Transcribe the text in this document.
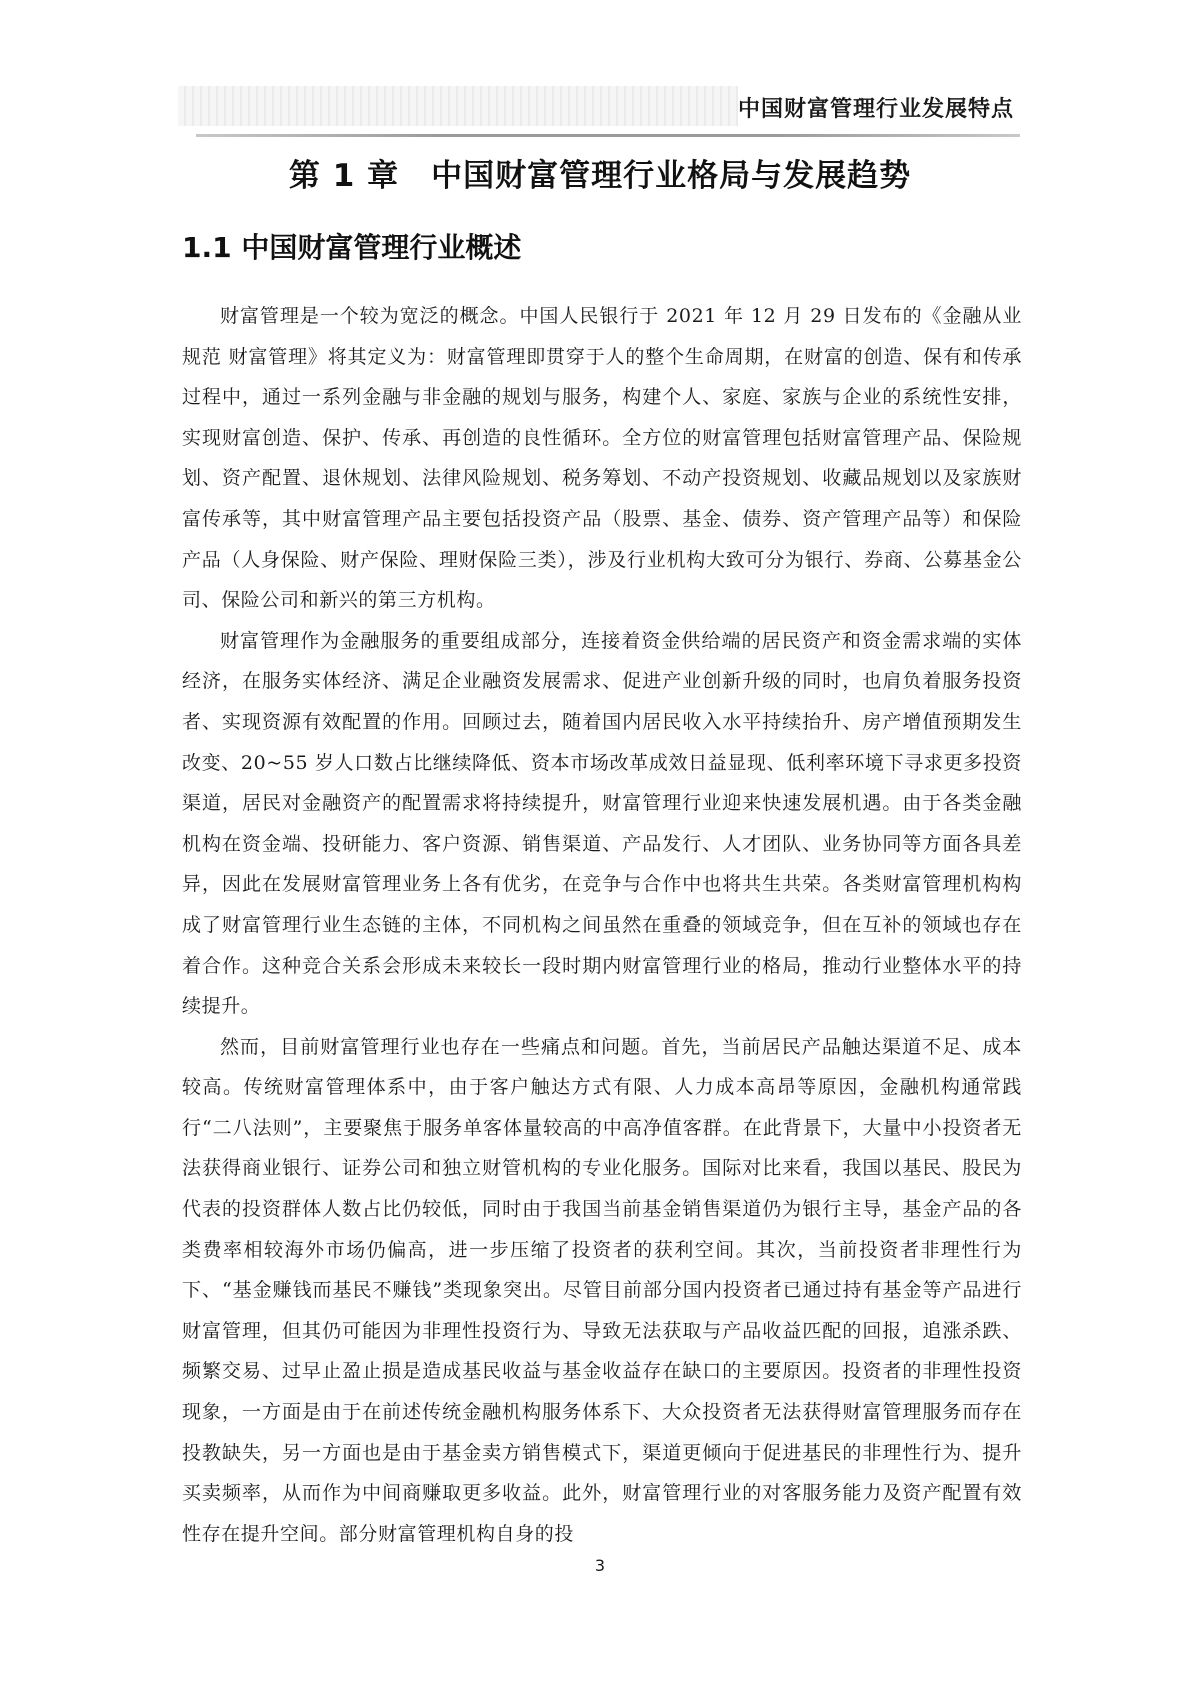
中国财富管理行业发展特点
第 1 章　中国财富管理行业格局与发展趋势
1.1 中国财富管理行业概述

财富管理是一个较为宽泛的概念。中国人民银行于 2021 年 12 月 29 日发布的《金融从业规范 财富管理》将其定义为：财富管理即贯穿于人的整个生命周期，在财富的创造、保有和传承过程中，通过一系列金融与非金融的规划与服务，构建个人、家庭、家族与企业的系统性安排，实现财富创造、保护、传承、再创造的良性循环。全方位的财富管理包括财富管理产品、保险规划、资产配置、退休规划、法律风险规划、税务筹划、不动产投资规划、收藏品规划以及家族财富传承等，其中财富管理产品主要包括投资产品（股票、基金、债券、资产管理产品等）和保险产品（人身保险、财产保险、理财保险三类），涉及行业机构大致可分为银行、券商、公募基金公司、保险公司和新兴的第三方机构。

财富管理作为金融服务的重要组成部分，连接着资金供给端的居民资产和资金需求端的实体经济，在服务实体经济、满足企业融资发展需求、促进产业创新升级的同时，也肩负着服务投资者、实现资源有效配置的作用。回顾过去，随着国内居民收入水平持续抬升、房产增值预期发生改变、20~55 岁人口数占比继续降低、资本市场改革成效日益显现、低利率环境下寻求更多投资渠道，居民对金融资产的配置需求将持续提升，财富管理行业迎来快速发展机遇。由于各类金融机构在资金端、投研能力、客户资源、销售渠道、产品发行、人才团队、业务协同等方面各具差异，因此在发展财富管理业务上各有优劣，在竞争与合作中也将共生共荣。各类财富管理机构构成了财富管理行业生态链的主体，不同机构之间虽然在重叠的领域竞争，但在互补的领域也存在着合作。这种竞合关系会形成未来较长一段时期内财富管理行业的格局，推动行业整体水平的持续提升。

然而，目前财富管理行业也存在一些痛点和问题。首先，当前居民产品触达渠道不足、成本较高。传统财富管理体系中，由于客户触达方式有限、人力成本高昂等原因，金融机构通常践行“二八法则”，主要聚焦于服务单客体量较高的中高净值客群。在此背景下，大量中小投资者无法获得商业银行、证券公司和独立财管机构的专业化服务。国际对比来看，我国以基民、股民为代表的投资群体人数占比仍较低，同时由于我国当前基金销售渠道仍为银行主导，基金产品的各类费率相较海外市场仍偏高，进一步压缩了投资者的获利空间。其次，当前投资者非理性行为下、“基金赚钱而基民不赚钱”类现象突出。尽管目前部分国内投资者已通过持有基金等产品进行财富管理，但其仍可能因为非理性投资行为、导致无法获取与产品收益匹配的回报，追涨杀跌、频繁交易、过早止盈止损是造成基民收益与基金收益存在缺口的主要原因。投资者的非理性投资现象，一方面是由于在前述传统金融机构服务体系下、大众投资者无法获得财富管理服务而存在投教缺失，另一方面也是由于基金卖方销售模式下，渠道更倾向于促进基民的非理性行为、提升买卖频率，从而作为中间商赚取更多收益。此外，财富管理行业的对客服务能力及资产配置有效性存在提升空间。部分财富管理机构自身的投

3
